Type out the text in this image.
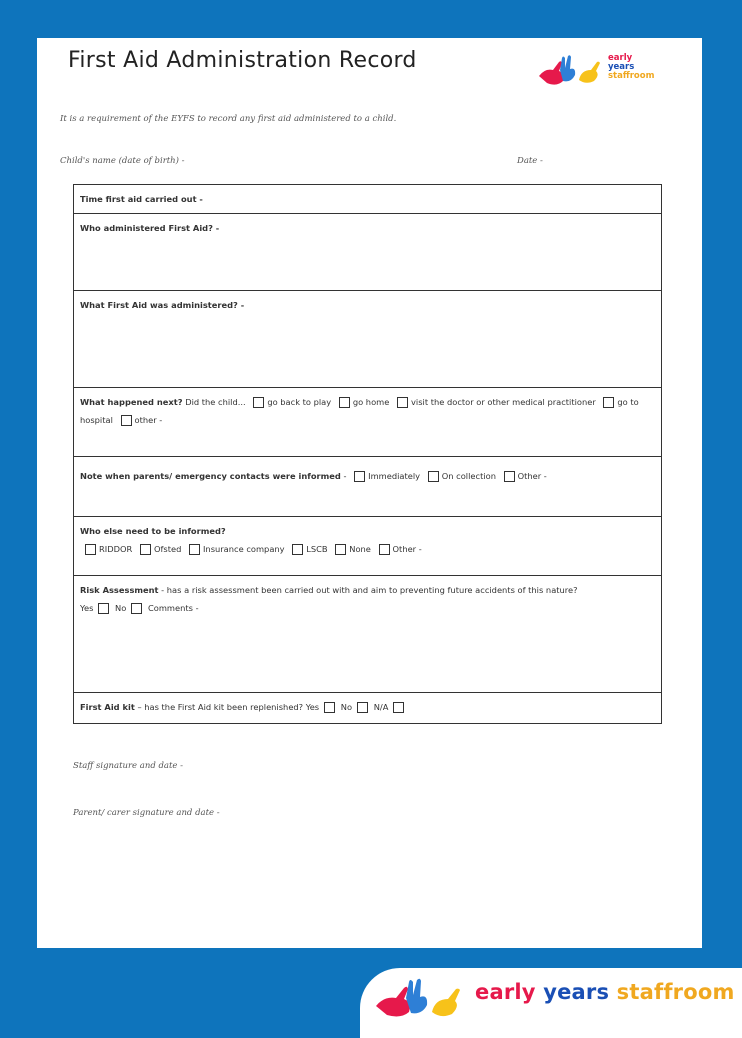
First Aid Administration Record	early
years
staffroom
It is a requirement of the EYFS to record any first aid administered to a child.
Child's name (date of birth) -	Date -
Time first aid carried out -
Who administered First Aid? -
What First Aid was administered? -
What happened next? Did the child...	go back to play	go home	visit the doctor or other medical practitioner	go to hospital	other -
Note when parents/ emergency contacts were informed -	Immediately	On collection	Other -
Who else need to be informed?
RIDDOR	Ofsted	Insurance company	LSCB	None	Other -
Risk Assessment - has a risk assessment been carried out with and aim to preventing future accidents of this nature?
Yes	No	Comments -
First Aid kit – has the First Aid kit been replenished? Yes	No	N/A
Staff signature and date -
Parent/ carer signature and date -
early years staffroom
